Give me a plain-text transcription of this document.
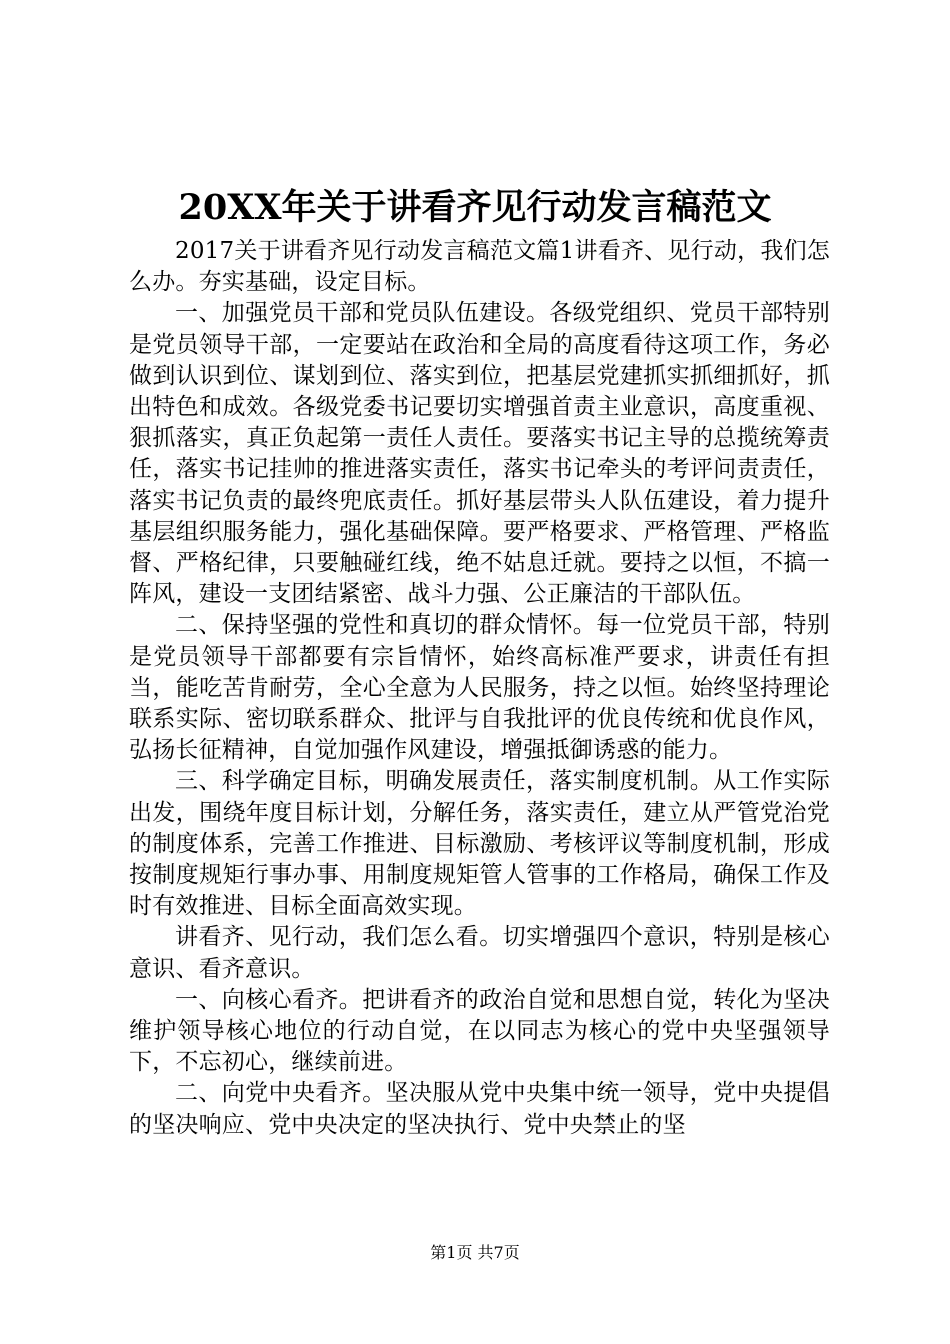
20XX年关于讲看齐见行动发言稿范文

2017关于讲看齐见行动发言稿范文篇1讲看齐、见行动，我们怎么办。夯实基础，设定目标。

一、加强党员干部和党员队伍建设。各级党组织、党员干部特别是党员领导干部，一定要站在政治和全局的高度看待这项工作，务必做到认识到位、谋划到位、落实到位，把基层党建抓实抓细抓好，抓出特色和成效。各级党委书记要切实增强首责主业意识，高度重视、狠抓落实，真正负起第一责任人责任。要落实书记主导的总揽统筹责任，落实书记挂帅的推进落实责任，落实书记牵头的考评问责责任，落实书记负责的最终兜底责任。抓好基层带头人队伍建设，着力提升基层组织服务能力，强化基础保障。要严格要求、严格管理、严格监督、严格纪律，只要触碰红线，绝不姑息迁就。要持之以恒，不搞一阵风，建设一支团结紧密、战斗力强、公正廉洁的干部队伍。

二、保持坚强的党性和真切的群众情怀。每一位党员干部，特别是党员领导干部都要有宗旨情怀，始终高标准严要求，讲责任有担当，能吃苦肯耐劳，全心全意为人民服务，持之以恒。始终坚持理论联系实际、密切联系群众、批评与自我批评的优良传统和优良作风，弘扬长征精神，自觉加强作风建设，增强抵御诱惑的能力。

三、科学确定目标，明确发展责任，落实制度机制。从工作实际出发，围绕年度目标计划，分解任务，落实责任，建立从严管党治党的制度体系，完善工作推进、目标激励、考核评议等制度机制，形成按制度规矩行事办事、用制度规矩管人管事的工作格局，确保工作及时有效推进、目标全面高效实现。

讲看齐、见行动，我们怎么看。切实增强四个意识，特别是核心意识、看齐意识。

一、向核心看齐。把讲看齐的政治自觉和思想自觉，转化为坚决维护领导核心地位的行动自觉，在以同志为核心的党中央坚强领导下，不忘初心，继续前进。

二、向党中央看齐。坚决服从党中央集中统一领导，党中央提倡的坚决响应、党中央决定的坚决执行、党中央禁止的坚

第1页 共7页
